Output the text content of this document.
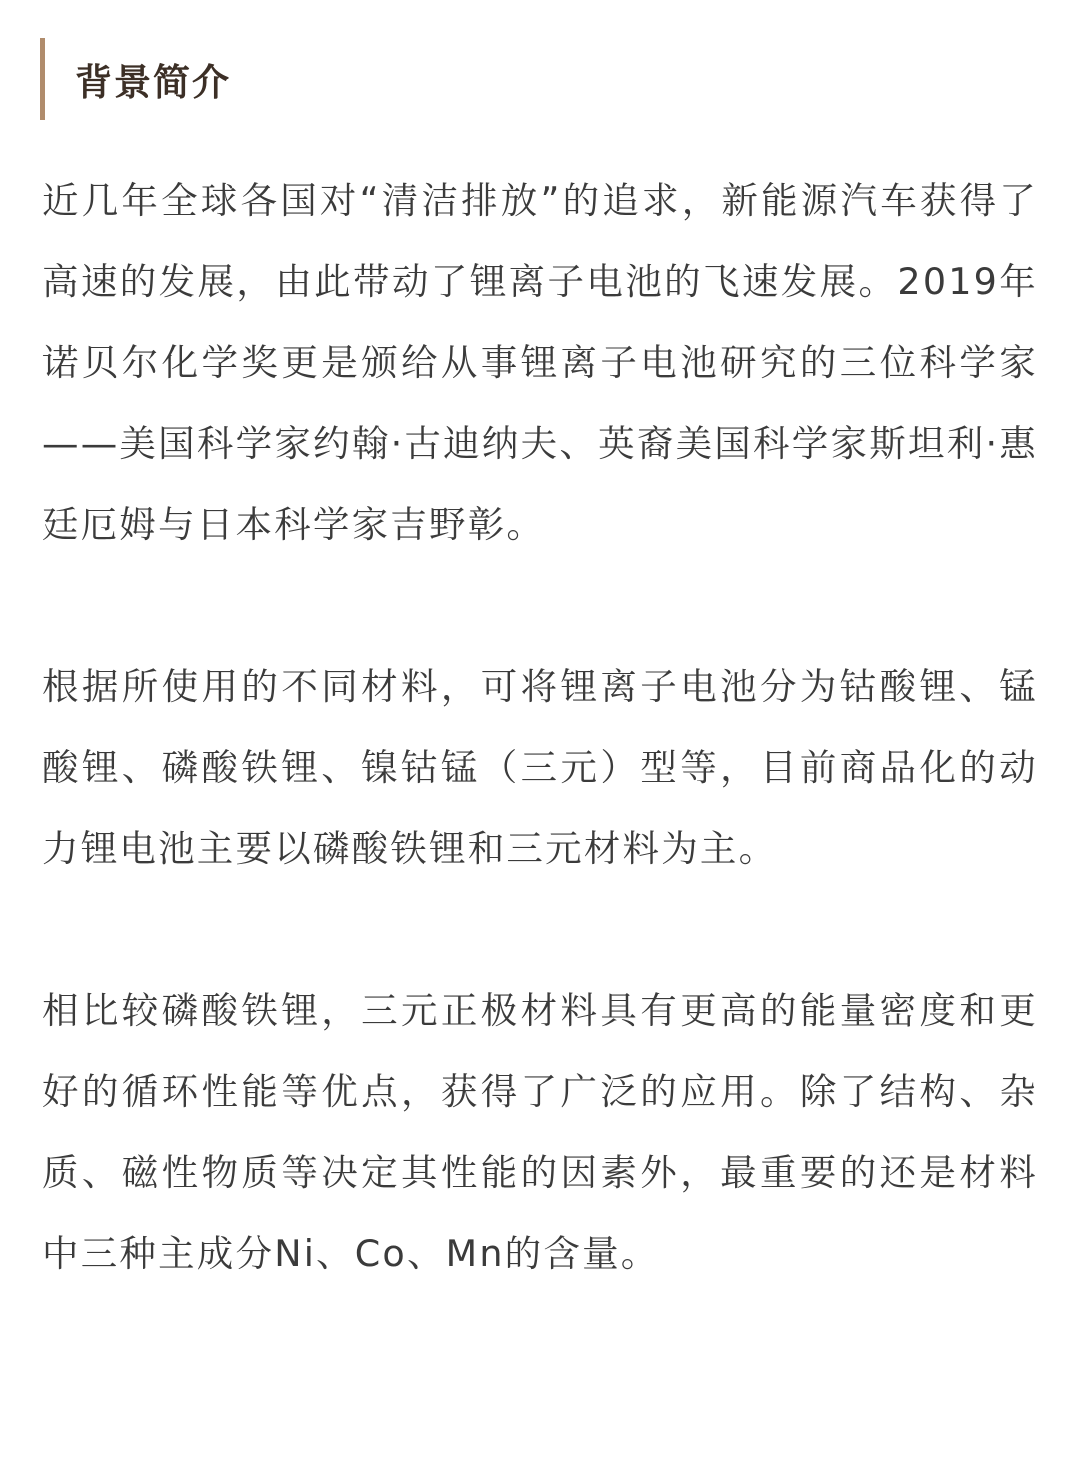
背景简介

近几年全球各国对“清洁排放”的追求，新能源汽车获得了高速的发展，由此带动了锂离子电池的飞速发展。2019年诺贝尔化学奖更是颁给从事锂离子电池研究的三位科学家——美国科学家约翰·古迪纳夫、英裔美国科学家斯坦利·惠廷厄姆与日本科学家吉野彰。

根据所使用的不同材料，可将锂离子电池分为钴酸锂、锰酸锂、磷酸铁锂、镍钴锰（三元）型等，目前商品化的动力锂电池主要以磷酸铁锂和三元材料为主。

相比较磷酸铁锂，三元正极材料具有更高的能量密度和更好的循环性能等优点，获得了广泛的应用。除了结构、杂质、磁性物质等决定其性能的因素外，最重要的还是材料中三种主成分Ni、Co、Mn的含量。
